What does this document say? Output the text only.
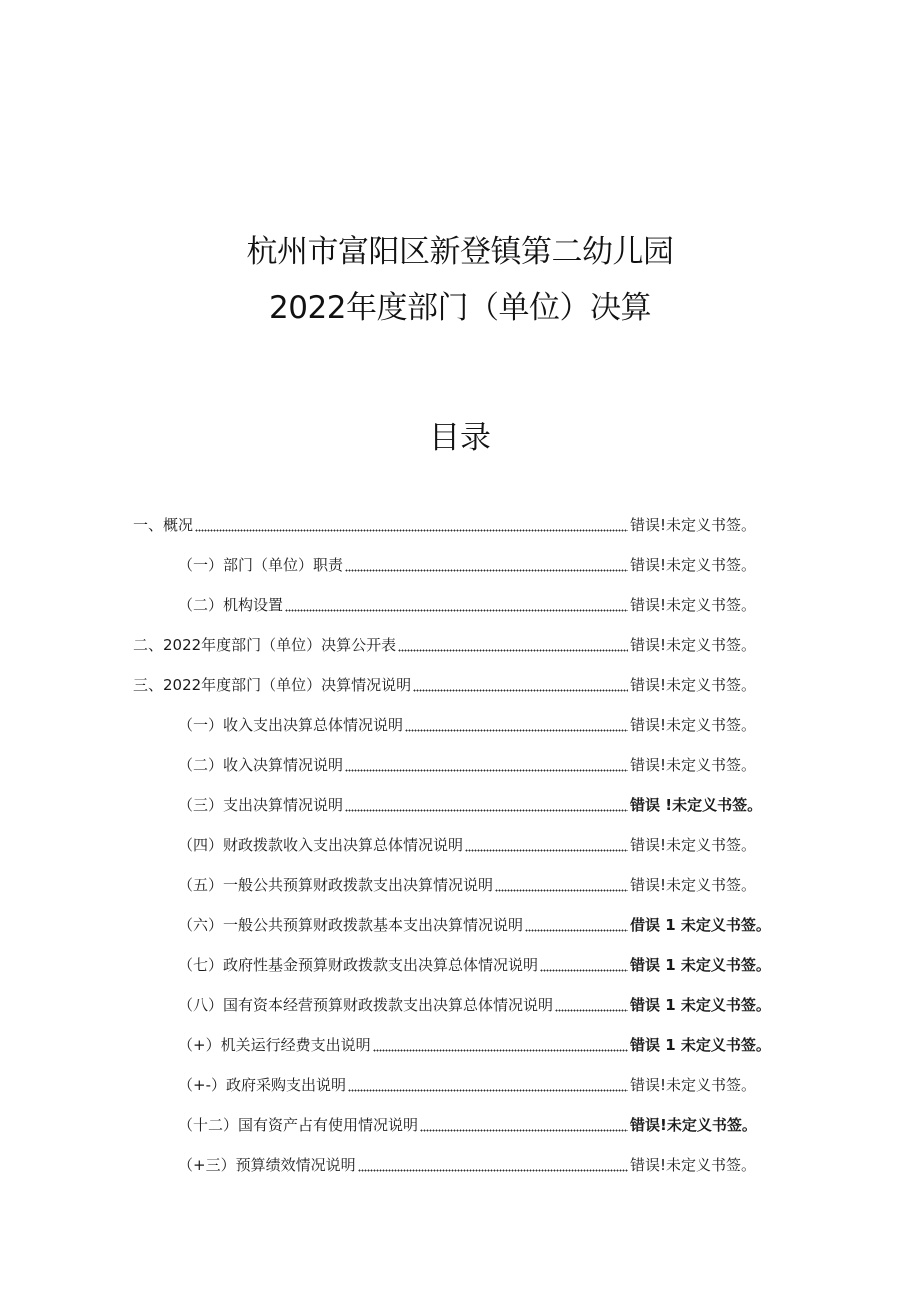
杭州市富阳区新登镇第二幼儿园
2022年度部门（单位）决算
目录
一、概况	错误!未定义书签。
（一）部门（单位）职责	错误!未定义书签。
（二）机构设置	错误!未定义书签。
二、2022年度部门（单位）决算公开表	错误!未定义书签。
三、2022年度部门（单位）决算情况说明	错误!未定义书签。
（一）收入支出决算总体情况说明	错误!未定义书签。
（二）收入决算情况说明	错误!未定义书签。
（三）支出决算情况说明	错误 !未定义书签。
（四）财政拨款收入支出决算总体情况说明	错误!未定义书签。
（五）一般公共预算财政拨款支出决算情况说明	错误!未定义书签。
（六）一般公共预算财政拨款基本支出决算情况说明	借误 1 未定义书签。
（七）政府性基金预算财政拨款支出决算总体情况说明	错误 1 未定义书签。
（八）国有资本经营预算财政拨款支出决算总体情况说明	错误 1 未定义书签。
（+）机关运行经费支出说明	错误 1 未定义书签。
（+-）政府采购支出说明	错误!未定义书签。
（十二）国有资产占有使用情况说明	错误!未定义书签。
（+三）预算绩效情况说明	错误!未定义书签。
